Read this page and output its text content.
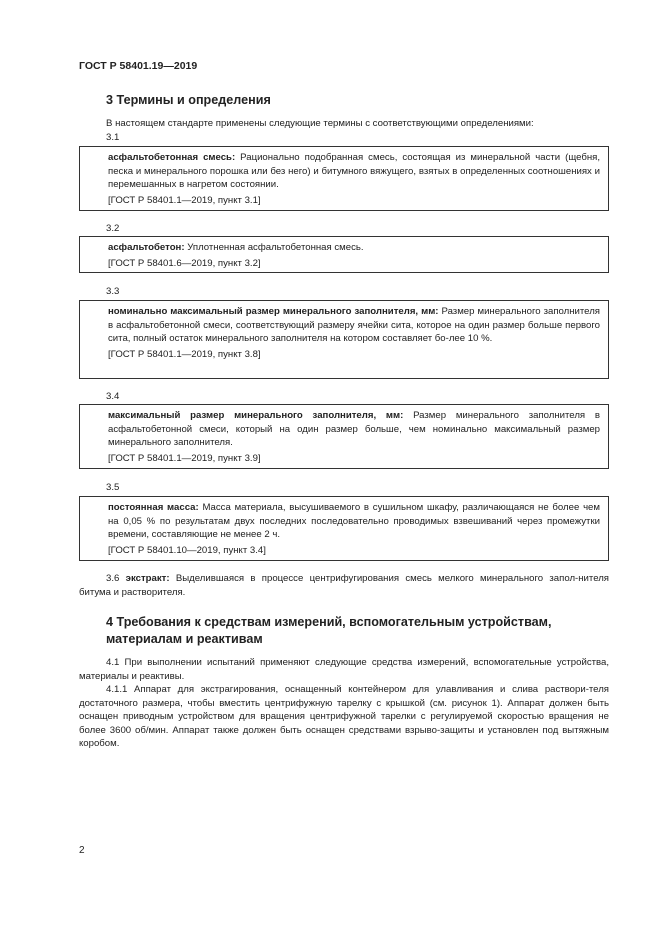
ГОСТ Р 58401.19—2019
3 Термины и определения
В настоящем стандарте применены следующие термины с соответствующими определениями:
3.1

асфальтобетонная смесь: Рационально подобранная смесь, состоящая из минеральной части (щебня, песка и минерального порошка или без него) и битумного вяжущего, взятых в определенных соотношениях и перемешанных в нагретом состоянии.

[ГОСТ Р 58401.1—2019, пункт 3.1]

3.2

асфальтобетон: Уплотненная асфальтобетонная смесь.

[ГОСТ Р 58401.6—2019, пункт 3.2]

3.3

номинально максимальный размер минерального заполнителя, мм: Размер минерального заполнителя в асфальтобетонной смеси, соответствующий размеру ячейки сита, которое на один размер больше первого сита, полный остаток минерального заполнителя на котором составляет бо-лее 10 %.

[ГОСТ Р 58401.1—2019, пункт 3.8]

3.4

максимальный размер минерального заполнителя, мм: Размер минерального заполнителя в асфальтобетонной смеси, который на один размер больше, чем номинально максимальный размер минерального заполнителя.

[ГОСТ Р 58401.1—2019, пункт 3.9]

3.5

постоянная масса: Масса материала, высушиваемого в сушильном шкафу, различающаяся не более чем на 0,05 % по результатам двух последних последовательно проводимых взвешиваний через промежутки времени, составляющие не менее 2 ч.

[ГОСТ Р 58401.10—2019, пункт 3.4]

3.6 экстракт: Выделившаяся в процессе центрифугирования смесь мелкого минерального запол-нителя битума и растворителя.

4 Требования к средствам измерений, вспомогательным устройствам,
материалам и реактивам

4.1 При выполнении испытаний применяют следующие средства измерений, вспомогательные устройства, материалы и реактивы.

4.1.1 Аппарат для экстрагирования, оснащенный контейнером для улавливания и слива раствори-теля достаточного размера, чтобы вместить центрифужную тарелку с крышкой (см. рисунок 1). Аппарат должен быть оснащен приводным устройством для вращения центрифужной тарелки с регулируемой скоростью вращения не более 3600 об/мин. Аппарат также должен быть оснащен средствами взрыво-защиты и установлен под вытяжным коробом.

2
